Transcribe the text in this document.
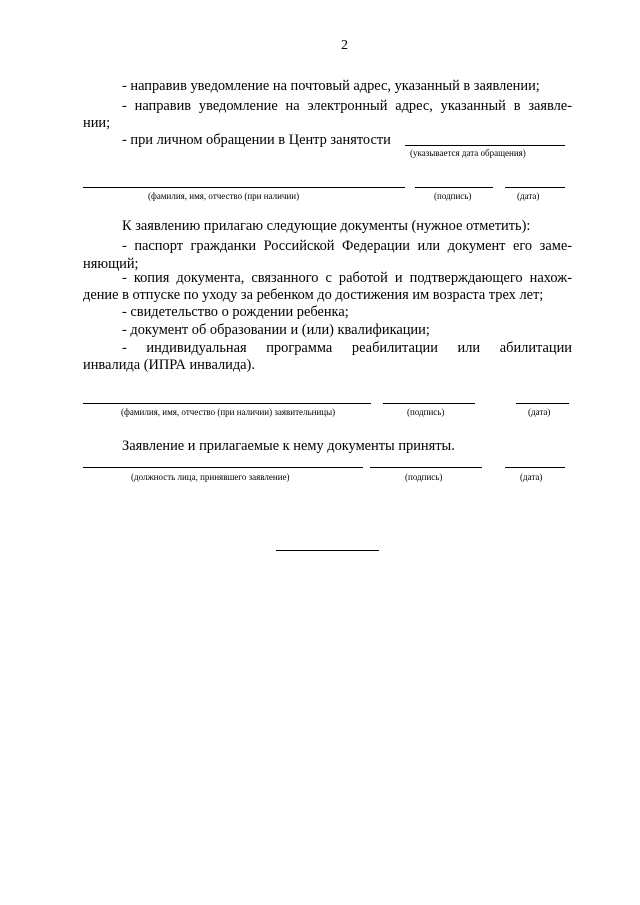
2
- направив уведомление на почтовый адрес, указанный в заявлении;
- направив уведомление на электронный адрес, указанный в заявле-
нии;
- при личном обращении в Центр занятости
(указывается дата обращения)
(фамилия, имя, отчество (при наличии)	(подпись)	(дата)
К заявлению прилагаю следующие документы (нужное отметить):
- паспорт гражданки Российской Федерации или документ его заме-
няющий;
- копия документа, связанного с работой и подтверждающего нахож-
дение в отпуске по уходу за ребенком до достижения им возраста трех лет;
- свидетельство о рождении ребенка;
- документ об образовании и (или) квалификации;
- индивидуальная программа реабилитации или абилитации
инвалида (ИПРА инвалида).
(фамилия, имя, отчество (при наличии) заявительницы)	(подпись)	(дата)
Заявление и прилагаемые к нему документы приняты.
(должность лица, принявшего заявление)	(подпись)	(дата)
